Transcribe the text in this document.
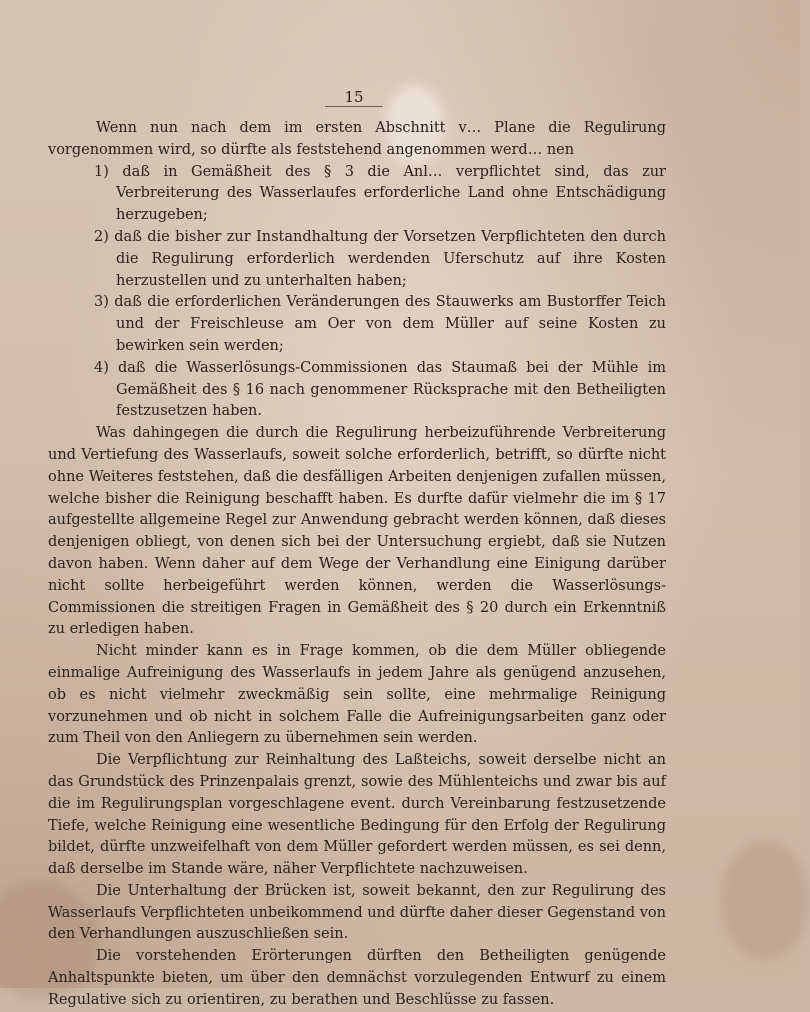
15

Wenn nun nach dem im ersten Abschnitt v… Plane die Regulirung vorgenommen wird, so dürfte als feststehend angenommen werd… nen

1) daß in Gemäßheit des § 3 die Anl… verpflichtet sind, das zur Verbreiterung des Wasserlaufes erforderliche Land ohne Entschädigung herzugeben;

2) daß die bisher zur Instandhaltung der Vorsetzen Verpflichteten den durch die Regulirung erforderlich werdenden Uferschutz auf ihre Kosten herzustellen und zu unterhalten haben;

3) daß die erforderlichen Veränderungen des Stauwerks am Bustorffer Teich und der Freischleuse am Oer von dem Müller auf seine Kosten zu bewirken sein werden;

4) daß die Wasserlösungs-Commissionen das Staumaß bei der Mühle im Gemäßheit des § 16 nach genommener Rücksprache mit den Betheiligten festzusetzen haben.

Was dahingegen die durch die Regulirung herbeizuführende Verbreiterung und Vertiefung des Wasserlaufs, soweit solche erforderlich, betrifft, so dürfte nicht ohne Weiteres feststehen, daß die desfälligen Arbeiten denjenigen zufallen müssen, welche bisher die Reinigung beschafft haben. Es durfte dafür vielmehr die im § 17 aufgestellte allgemeine Regel zur Anwendung gebracht werden können, daß dieses denjenigen obliegt, von denen sich bei der Untersuchung ergiebt, daß sie Nutzen davon haben. Wenn daher auf dem Wege der Verhandlung eine Einigung darüber nicht sollte herbeigeführt werden können, werden die Wasserlösungs-Commissionen die streitigen Fragen in Gemäßheit des § 20 durch ein Erkenntniß zu erledigen haben.

Nicht minder kann es in Frage kommen, ob die dem Müller obliegende einmalige Aufreinigung des Wasserlaufs in jedem Jahre als genügend anzusehen, ob es nicht vielmehr zweckmäßig sein sollte, eine mehrmalige Reinigung vorzunehmen und ob nicht in solchem Falle die Aufreinigungsarbeiten ganz oder zum Theil von den Anliegern zu übernehmen sein werden.

Die Verpflichtung zur Reinhaltung des Laßteichs, soweit derselbe nicht an das Grundstück des Prinzenpalais grenzt, sowie des Mühlenteichs und zwar bis auf die im Regulirungsplan vorgeschlagene event. durch Vereinbarung festzusetzende Tiefe, welche Reinigung eine wesentliche Bedingung für den Erfolg der Regulirung bildet, dürfte unzweifelhaft von dem Müller gefordert werden müssen, es sei denn, daß derselbe im Stande wäre, näher Verpflichtete nachzuweisen.

Die Unterhaltung der Brücken ist, soweit bekannt, den zur Regulirung des Wasserlaufs Verpflichteten unbeikommend und dürfte daher dieser Gegenstand von den Verhandlungen auszuschließen sein.

Die vorstehenden Erörterungen dürften den Betheiligten genügende Anhaltspunkte bieten, um über den demnächst vorzulegenden Entwurf zu einem Regulative sich zu orientiren, zu berathen und Beschlüsse zu fassen.
